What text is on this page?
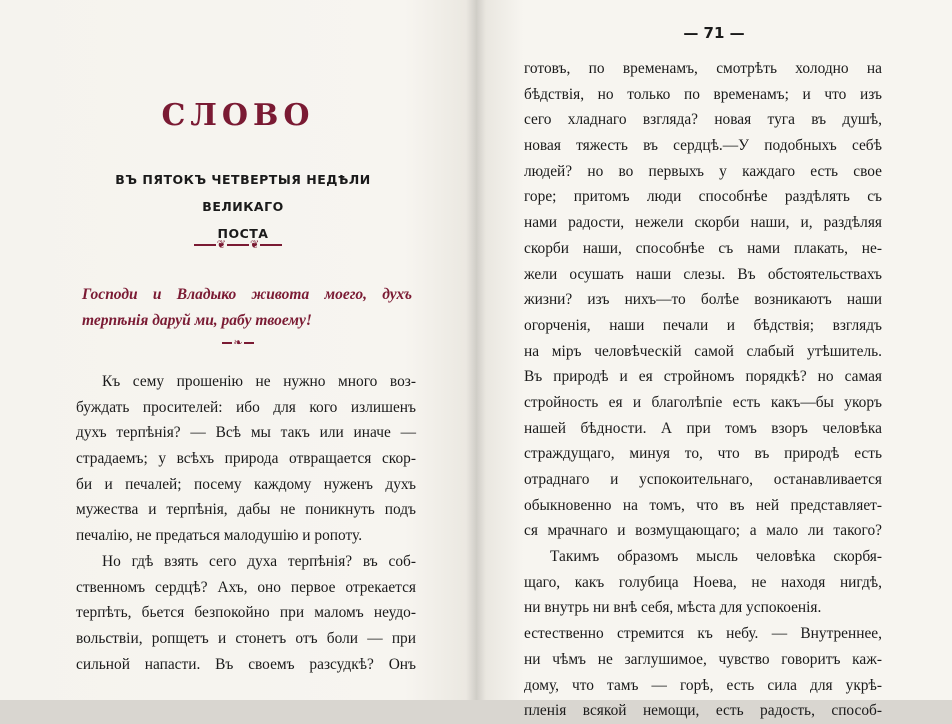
СЛОВО
ВЪ ПЯТОКЪ ЧЕТВЕРТЫЯ НЕДѢЛИ ВЕЛИКАГО
ПОСТА
❦ ❦
Господи и Владыко живота моего, духъ
терпѣнія даруй ми, рабу твоему!
❧
Къ сему прошенію не нужно много воз-
буждать просителей: ибо для кого излишенъ
духъ терпѣнія? — Всѣ мы такъ или иначе —
страдаемъ; у всѣхъ природа отвращается скор-
би и печалей; посему каждому нуженъ духъ
мужества и терпѣнія, дабы не поникнуть подъ
печалію, не предаться малодушію и ропоту.
Но гдѣ взять сего духа терпѣнія? въ соб-
ственномъ сердцѣ? Ахъ, оно первое отрекается
терпѣть, бьется безпокойно при маломъ неудо-
вольствіи, ропщетъ и стонетъ отъ боли — при
сильной напасти. Въ своемъ разсудкѣ? Онъ
готовъ, по временамъ, смотрѣть холодно на
бѣдствія, но только по временамъ; и что изъ
сего хладнаго взгляда? новая туга въ душѣ,
новая тяжесть въ сердцѣ.—У подобныхъ себѣ
людей? но во первыхъ у каждаго есть свое
горе; притомъ люди способнѣе раздѣлять съ
нами радости, нежели скорби наши, и, раздѣляя
скорби наши, способнѣе съ нами плакать, не-
жели осушать наши слезы. Въ обстоятельствахъ
жизни? изъ нихъ—то болѣе возникаютъ наши
огорченія, наши печали и бѣдствія; взглядъ
на міръ человѣческій самой слабый утѣшитель.
Въ природѣ и ея стройномъ порядкѣ? но самая
стройность ея и благолѣпіе есть какъ—бы укоръ
нашей бѣдности. А при томъ взоръ человѣка
страждущаго, минуя то, что въ природѣ есть
отраднаго и успокоительнаго, останавливается
обыкновенно на томъ, что въ ней представляет-
ся мрачнаго и возмущающаго; а мало ли такого?
Такимъ образомъ мысль человѣка скорбя-
щаго, какъ голубица Ноева, не находя нигдѣ,
ни внутрь ни внѣ себя, мѣста для успокоенія.
естественно стремится къ небу. — Внутреннее,
ни чѣмъ не заглушимое, чувство говоритъ каж-
дому, что тамъ — горѣ, есть сила для укрѣ-
пленія всякой немощи, есть радость, способ-
— 71 —
